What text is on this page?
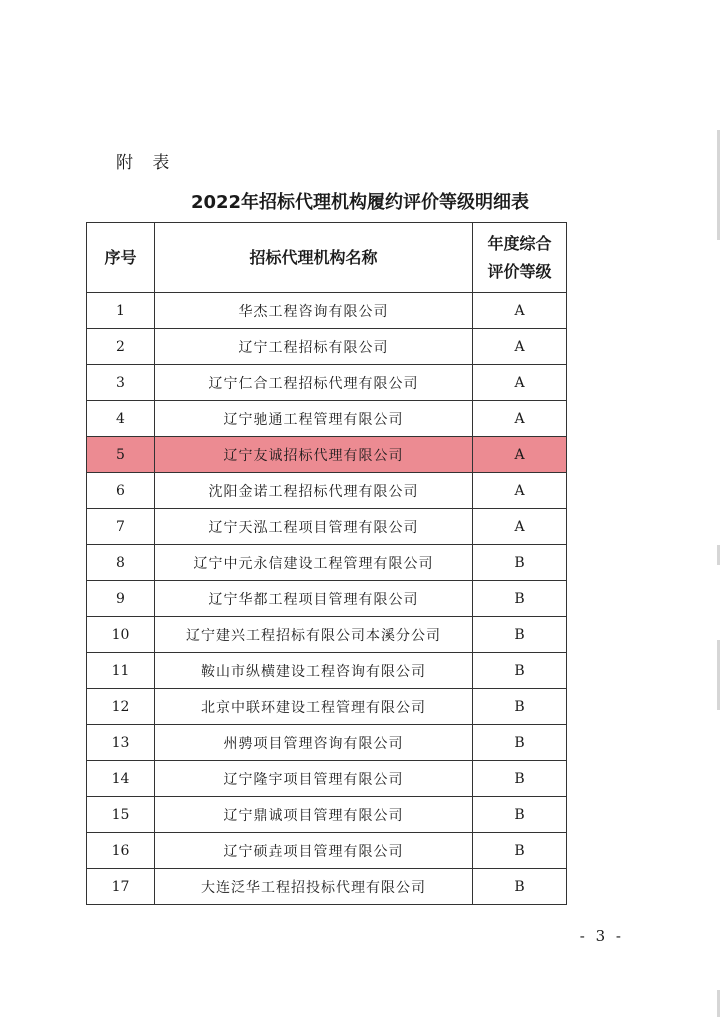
附 表
2022年招标代理机构履约评价等级明细表
序号	招标代理机构名称	年度综合
评价等级

1	华杰工程咨询有限公司	A
2	辽宁工程招标有限公司	A
3	辽宁仁合工程招标代理有限公司	A
4	辽宁驰通工程管理有限公司	A
5	辽宁友诚招标代理有限公司	A
6	沈阳金诺工程招标代理有限公司	A
7	辽宁天泓工程项目管理有限公司	A
8	辽宁中元永信建设工程管理有限公司	B
9	辽宁华都工程项目管理有限公司	B
10	辽宁建兴工程招标有限公司本溪分公司	B
11	鞍山市纵横建设工程咨询有限公司	B
12	北京中联环建设工程管理有限公司	B
13	州骋项目管理咨询有限公司	B
14	辽宁隆宇项目管理有限公司	B
15	辽宁鼎诚项目管理有限公司	B
16	辽宁硕垚项目管理有限公司	B
17	大连泛华工程招投标代理有限公司	B
- 3 -
